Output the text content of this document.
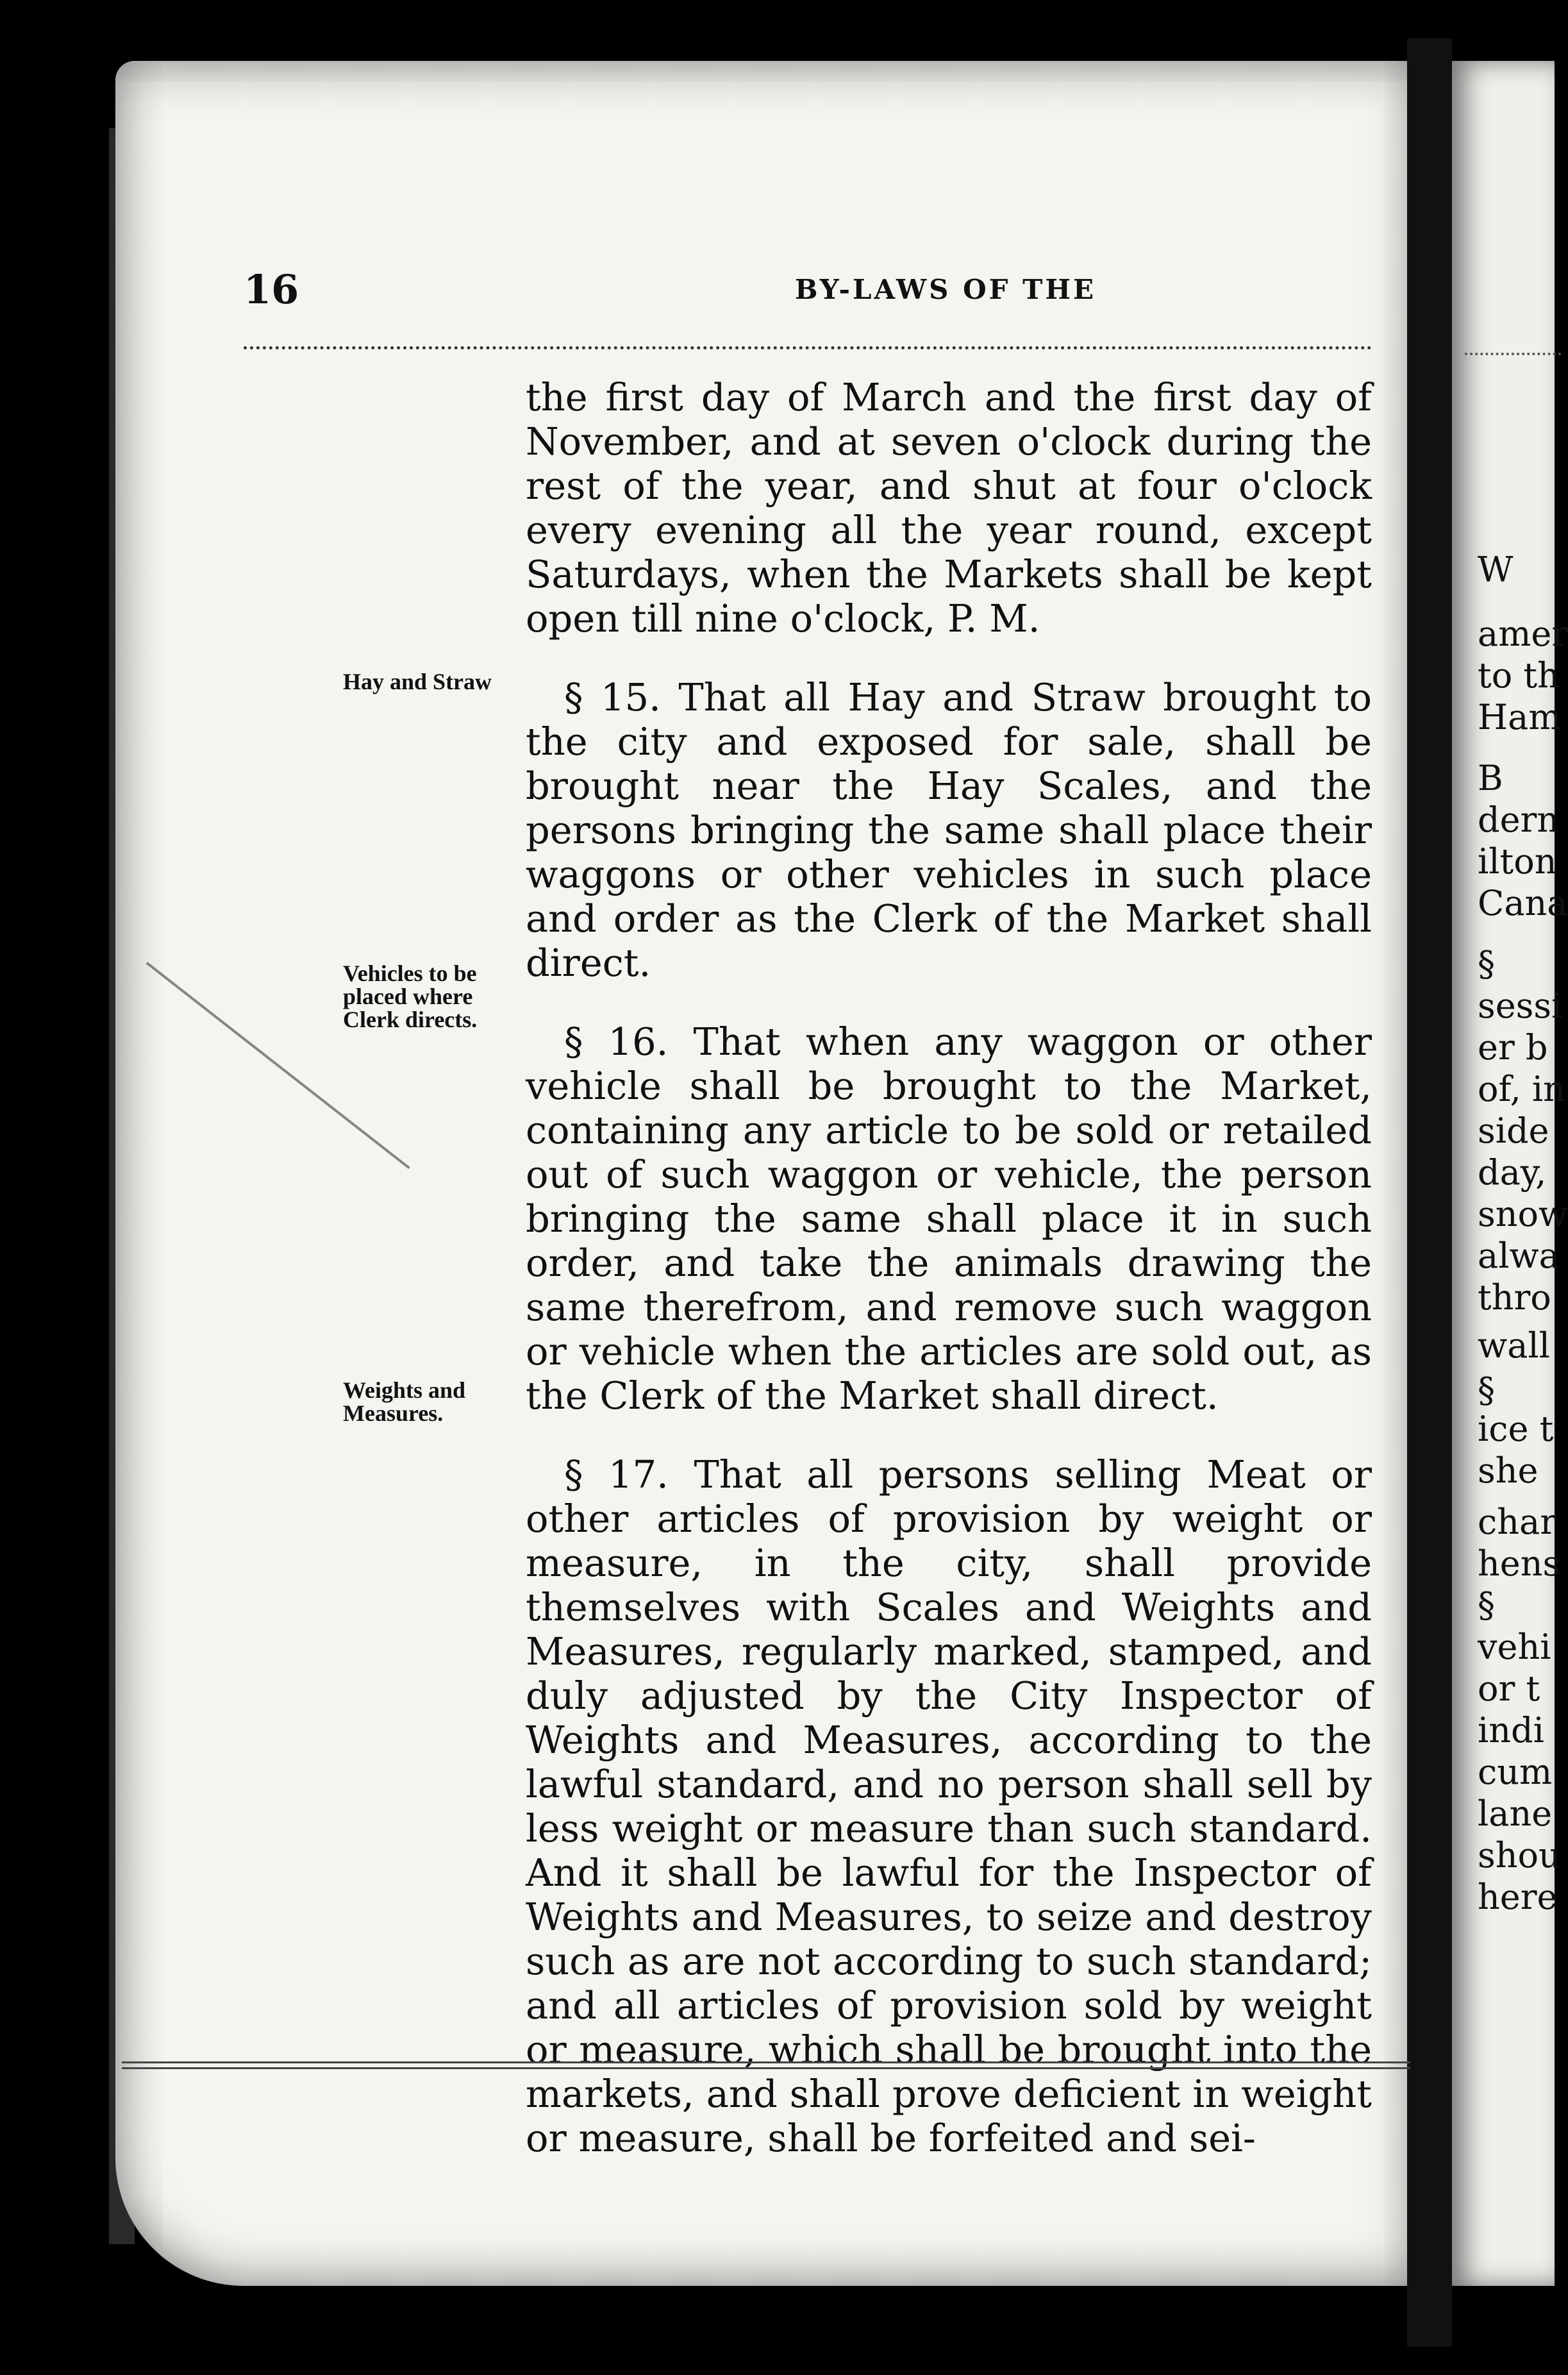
W
amer
to th
Ham
B
dern
ilton
Cana
§
sessi
er b
of, in
side
day,
snow
alwa
thro
wall
§
ice t
she
char
hens
§
vehi
or t
indi
cum
lane
shou
here
16	BY-LAWS OF THE
Hay and Straw
Vehicles to be placed where Clerk directs.
Weights and Measures.

the first day of March and the first day of November, and at seven o'clock during the rest of the year, and shut at four o'clock every evening all the year round, except Saturdays, when the Markets shall be kept open till nine o'clock, P. M.

§ 15. That all Hay and Straw brought to the city and exposed for sale, shall be brought near the Hay Scales, and the persons bringing the same shall place their waggons or other vehicles in such place and order as the Clerk of the Market shall direct.

§ 16. That when any waggon or other vehicle shall be brought to the Market, containing any article to be sold or retailed out of such waggon or vehicle, the person bringing the same shall place it in such order, and take the animals drawing the same therefrom, and remove such waggon or vehicle when the articles are sold out, as the Clerk of the Market shall direct.

§ 17. That all persons selling Meat or other articles of provision by weight or measure, in the city, shall provide themselves with Scales and Weights and Measures, regularly marked, stamped, and duly adjusted by the City Inspector of Weights and Measures, according to the lawful standard, and no person shall sell by less weight or measure than such standard. And it shall be lawful for the Inspector of Weights and Measures, to seize and destroy such as are not according to such standard; and all articles of provision sold by weight or measure, which shall be brought into the markets, and shall prove deficient in weight or measure, shall be forfeited and sei-
